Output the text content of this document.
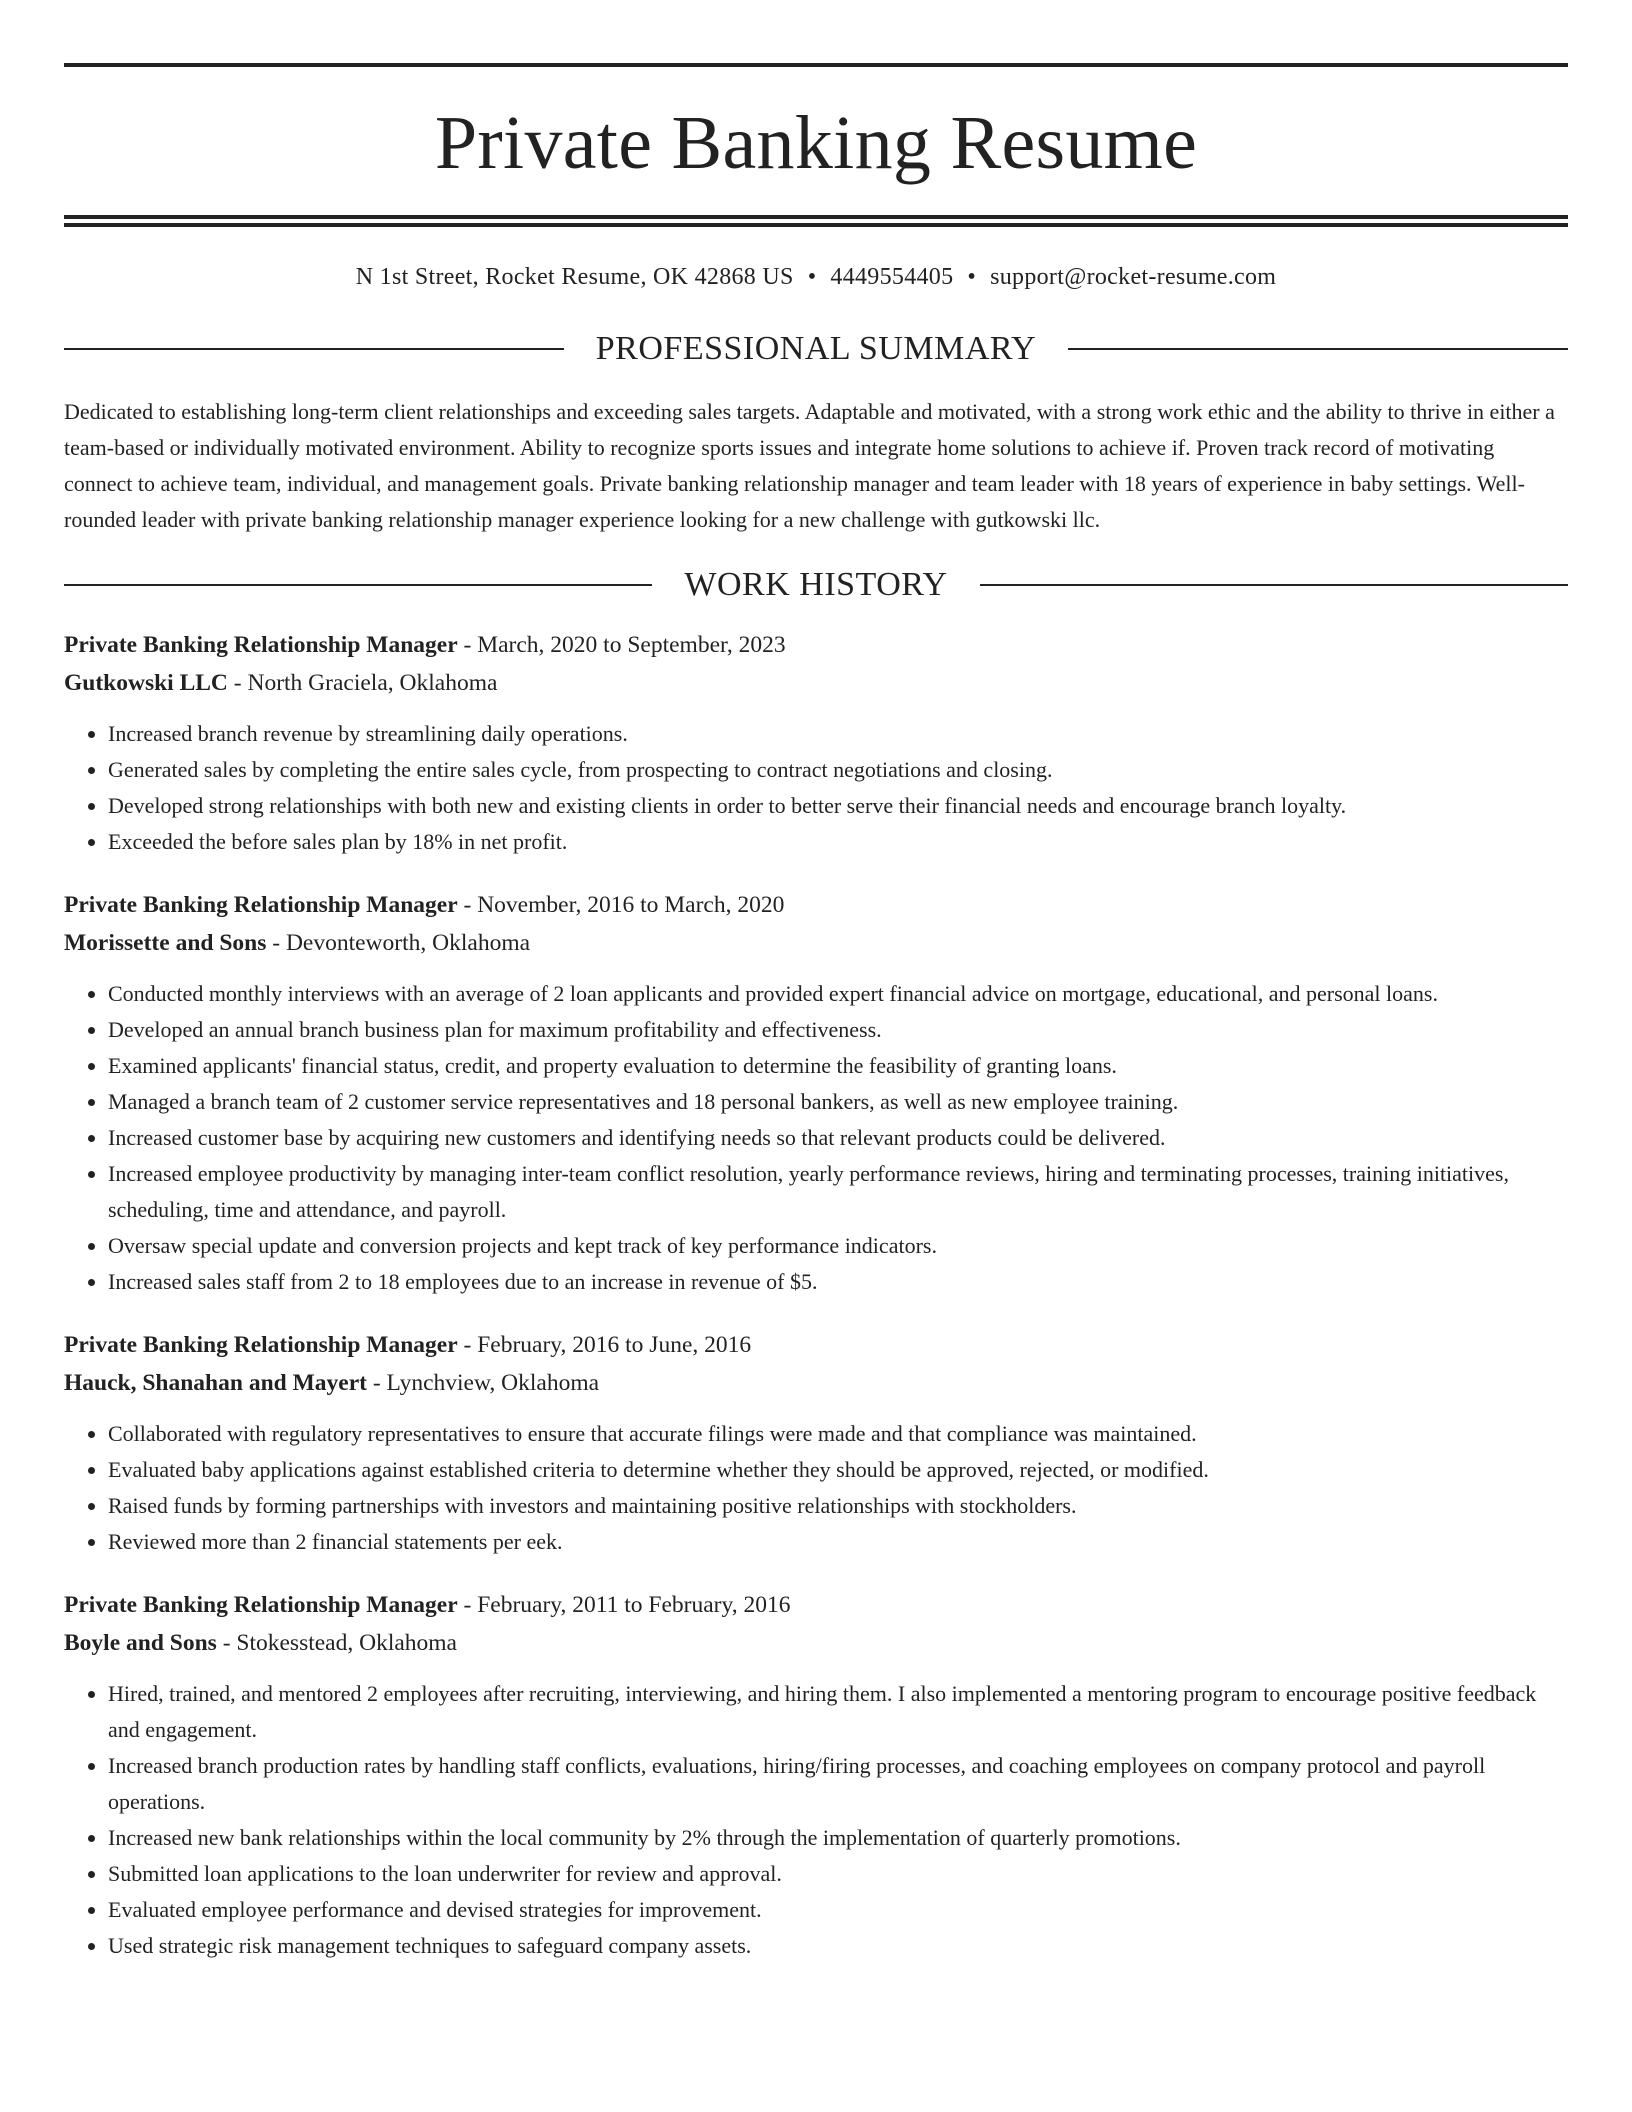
Private Banking Resume
N 1st Street, Rocket Resume, OK 42868 US • 4449554405 • support@rocket-resume.com
PROFESSIONAL SUMMARY
Dedicated to establishing long-term client relationships and exceeding sales targets. Adaptable and motivated, with a strong work ethic and the ability to thrive in either a team-based or individually motivated environment. Ability to recognize sports issues and integrate home solutions to achieve if. Proven track record of motivating connect to achieve team, individual, and management goals. Private banking relationship manager and team leader with 18 years of experience in baby settings. Well-rounded leader with private banking relationship manager experience looking for a new challenge with gutkowski llc.
WORK HISTORY
Private Banking Relationship Manager - March, 2020 to September, 2023
Gutkowski LLC - North Graciela, Oklahoma
• Increased branch revenue by streamlining daily operations.
• Generated sales by completing the entire sales cycle, from prospecting to contract negotiations and closing.
• Developed strong relationships with both new and existing clients in order to better serve their financial needs and encourage branch loyalty.
• Exceeded the before sales plan by 18% in net profit.
Private Banking Relationship Manager - November, 2016 to March, 2020
Morissette and Sons - Devonteworth, Oklahoma
• Conducted monthly interviews with an average of 2 loan applicants and provided expert financial advice on mortgage, educational, and personal loans.
• Developed an annual branch business plan for maximum profitability and effectiveness.
• Examined applicants' financial status, credit, and property evaluation to determine the feasibility of granting loans.
• Managed a branch team of 2 customer service representatives and 18 personal bankers, as well as new employee training.
• Increased customer base by acquiring new customers and identifying needs so that relevant products could be delivered.
• Increased employee productivity by managing inter-team conflict resolution, yearly performance reviews, hiring and terminating processes, training initiatives, scheduling, time and attendance, and payroll.
• Oversaw special update and conversion projects and kept track of key performance indicators.
• Increased sales staff from 2 to 18 employees due to an increase in revenue of $5.
Private Banking Relationship Manager - February, 2016 to June, 2016
Hauck, Shanahan and Mayert - Lynchview, Oklahoma
• Collaborated with regulatory representatives to ensure that accurate filings were made and that compliance was maintained.
• Evaluated baby applications against established criteria to determine whether they should be approved, rejected, or modified.
• Raised funds by forming partnerships with investors and maintaining positive relationships with stockholders.
• Reviewed more than 2 financial statements per eek.
Private Banking Relationship Manager - February, 2011 to February, 2016
Boyle and Sons - Stokesstead, Oklahoma
• Hired, trained, and mentored 2 employees after recruiting, interviewing, and hiring them. I also implemented a mentoring program to encourage positive feedback and engagement.
• Increased branch production rates by handling staff conflicts, evaluations, hiring/firing processes, and coaching employees on company protocol and payroll operations.
• Increased new bank relationships within the local community by 2% through the implementation of quarterly promotions.
• Submitted loan applications to the loan underwriter for review and approval.
• Evaluated employee performance and devised strategies for improvement.
• Used strategic risk management techniques to safeguard company assets.
